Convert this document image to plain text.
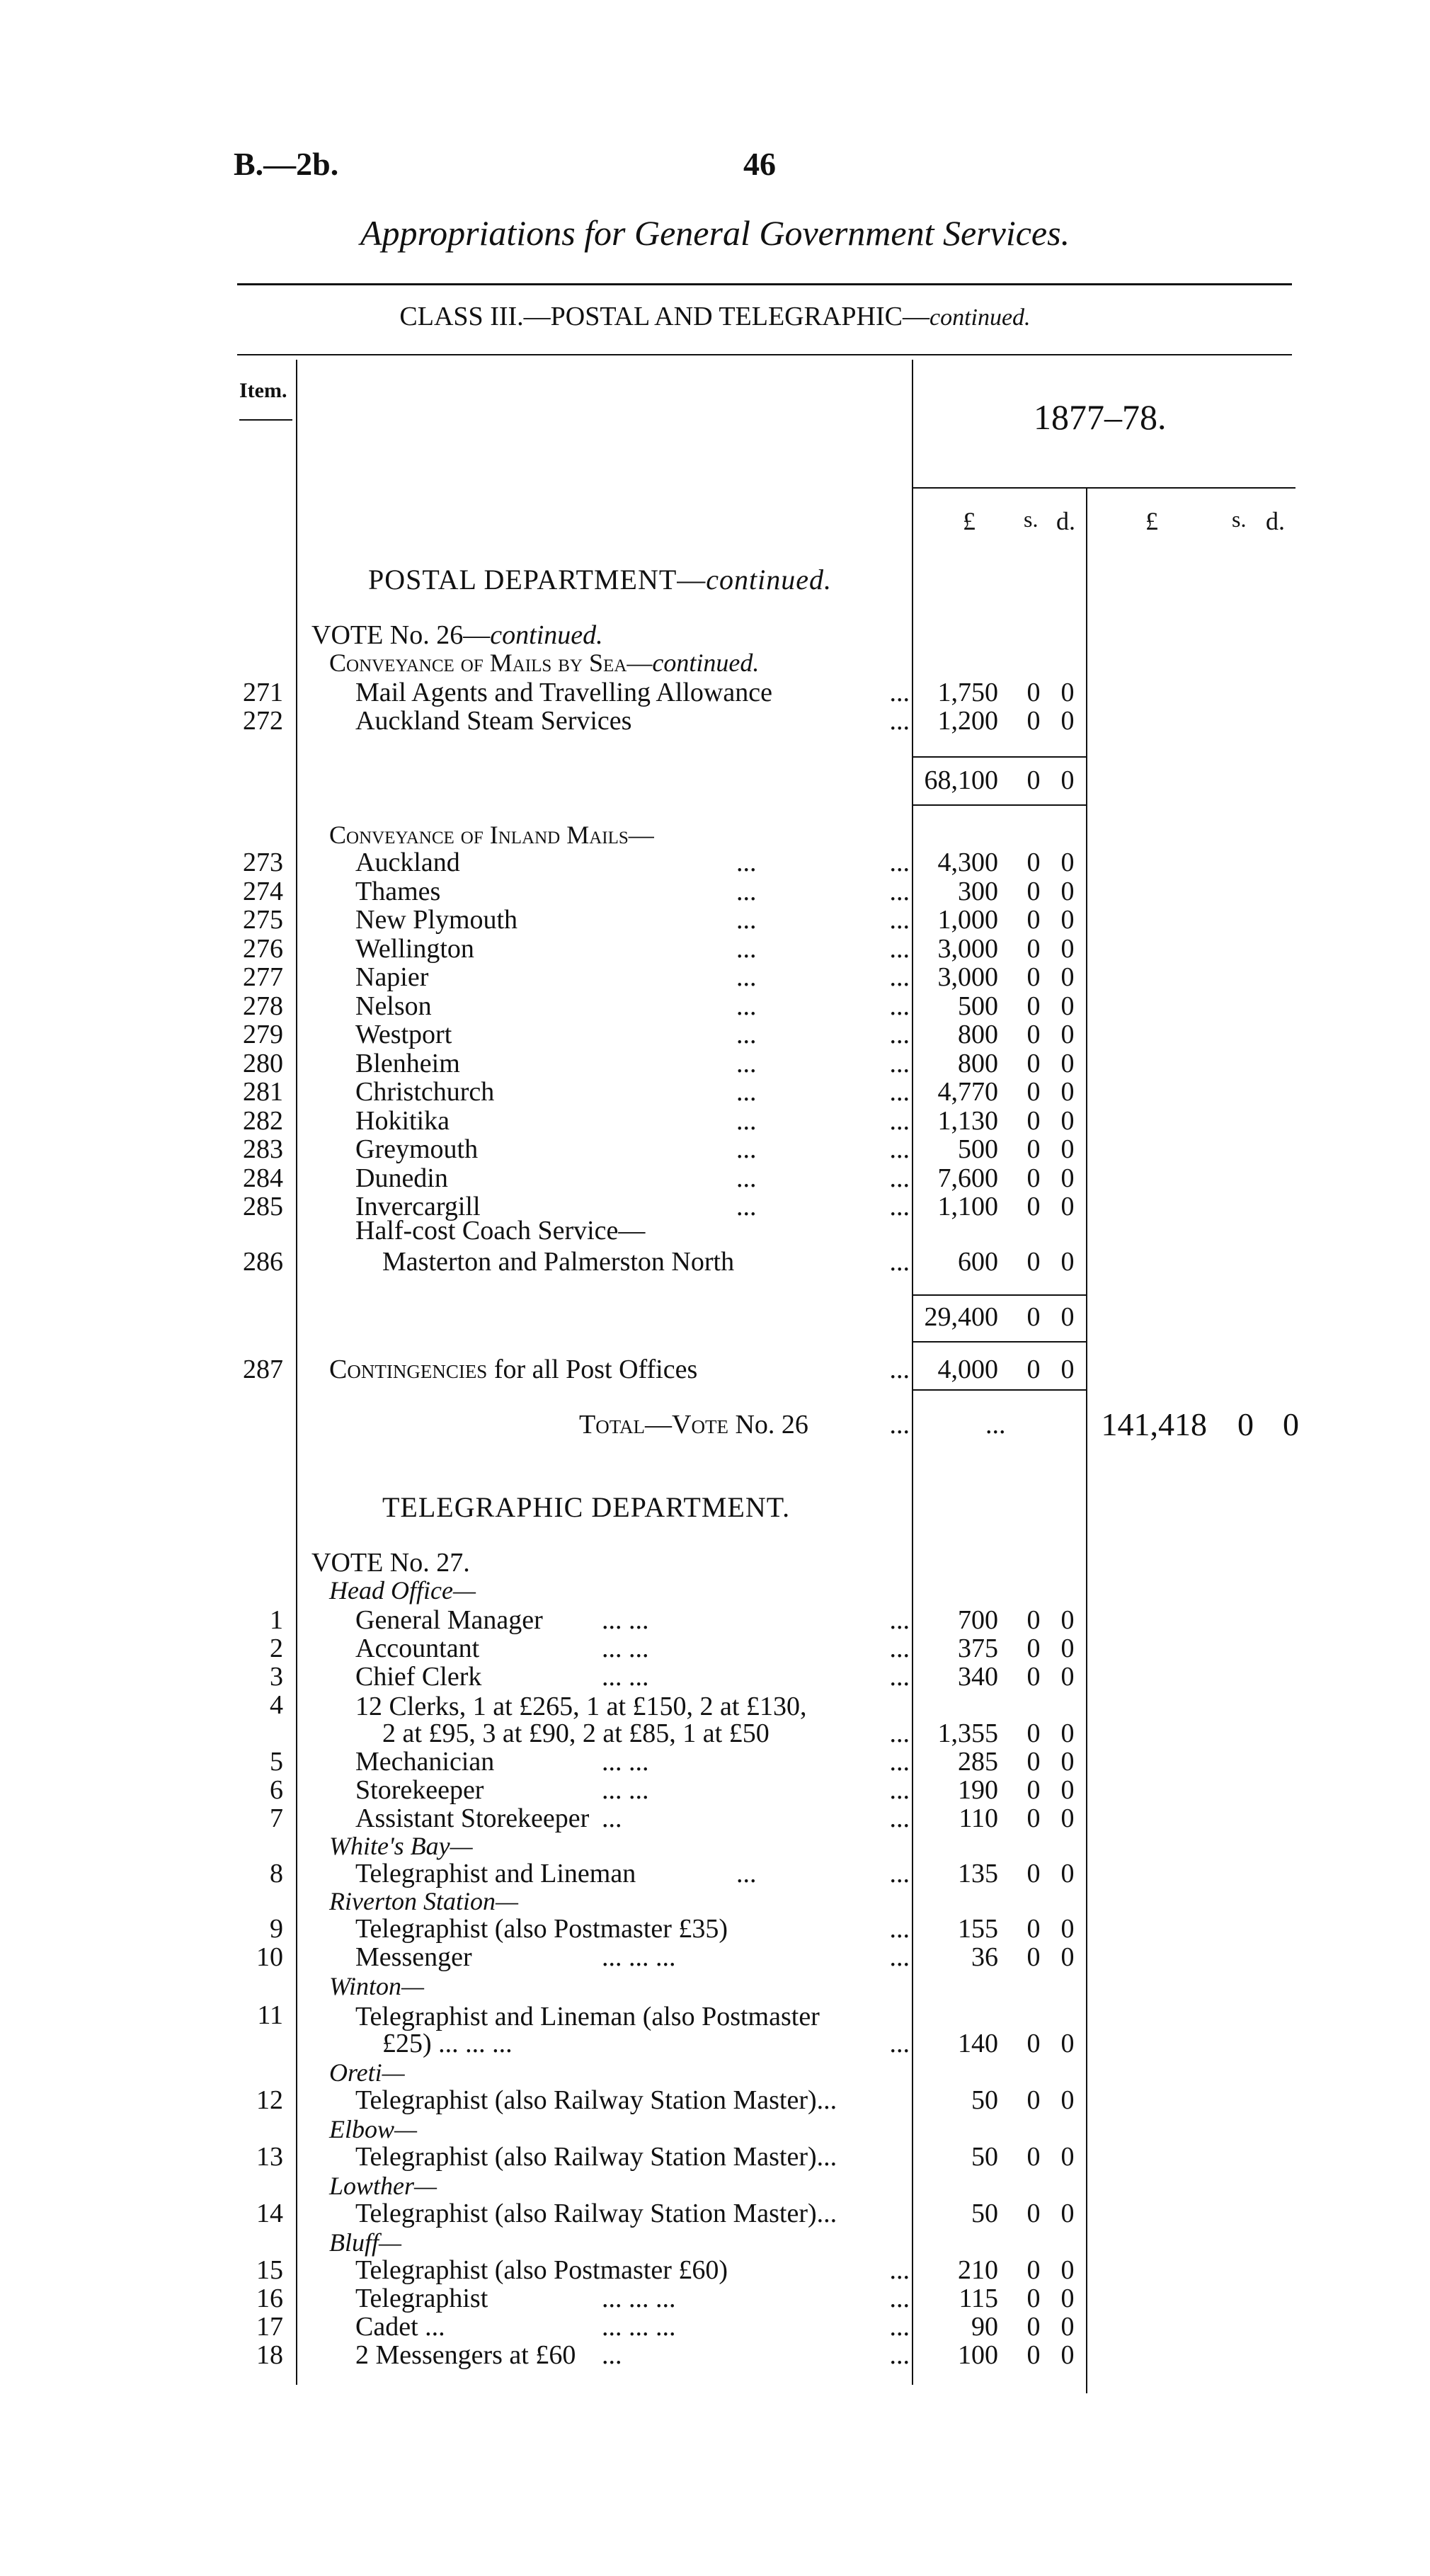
B.—2b.	46
Appropriations for General Government Services.
CLASS III.—POSTAL AND TELEGRAPHIC—continued.
Item.
1877–78.
£ s. d.	£	s. d.
POSTAL DEPARTMENT—continued.
VOTE No. 26—continued.
Conveyance of Mails by Sea—continued.
271	Mail Agents and Travelling Allowance	...	1,750 0 0
272	Auckland Steam Services	...	1,200 0 0
68,100 0 0
Conveyance of Inland Mails—
273	Auckland	...	...	4,300 0 0
274	Thames	...	...	300 0 0
275	New Plymouth	...	...	1,000 0 0
276	Wellington	...	...	3,000 0 0
277	Napier	...	...	3,000 0 0
278	Nelson	...	...	500 0 0
279	Westport	...	...	800 0 0
280	Blenheim	...	...	800 0 0
281	Christchurch	...	...	4,770 0 0
282	Hokitika	...	...	1,130 0 0
283	Greymouth	...	...	500 0 0
284	Dunedin	...	...	7,600 0 0
285	Invercargill	...	...	1,100 0 0
Half-cost Coach Service—
286	Masterton and Palmerston North	...	600 0 0
29,400 0 0
287 Contingencies for all Post Offices	...	4,000 0 0
Total—Vote No. 26	...	...	141,418 0 0
TELEGRAPHIC DEPARTMENT.
VOTE No. 27.
Head Office—
1	General Manager ... ...	...	700 0 0
2	Accountant	... ...	...	375 0 0
3	Chief Clerk	... ...	...	340 0 0
12 Clerks, 1 at £265, 1 at £150, 2 at £130,
4
2 at £95, 3 at £90, 2 at £85, 1 at £50	...	1,355 0 0
5	Mechanician	... ...	...	285 0 0
6	Storekeeper	... ...	...	190 0 0
7	Assistant Storekeeper ...	...	110 0 0
White's Bay—
8	Telegraphist and Lineman	...	...	135 0 0
Riverton Station—
9	Telegraphist (also Postmaster £35)	...	155 0 0
10	Messenger	... ... ...	...	36 0 0
Winton—
Telegraphist and Lineman (also Postmaster
11
£25) ... ... ...	...	140 0 0
Oreti—
12	Telegraphist (also Railway Station Master)...	50 0 0
Elbow—
13	Telegraphist (also Railway Station Master)...	50 0 0
Lowther—
14	Telegraphist (also Railway Station Master)...	50 0 0
Bluff—
15	Telegraphist (also Postmaster £60)	...	210 0 0
16	Telegraphist	... ... ...	...	115 0 0
17	Cadet ...	... ... ...	...	90 0 0
18	2 Messengers at £60 ...	...	100 0 0
